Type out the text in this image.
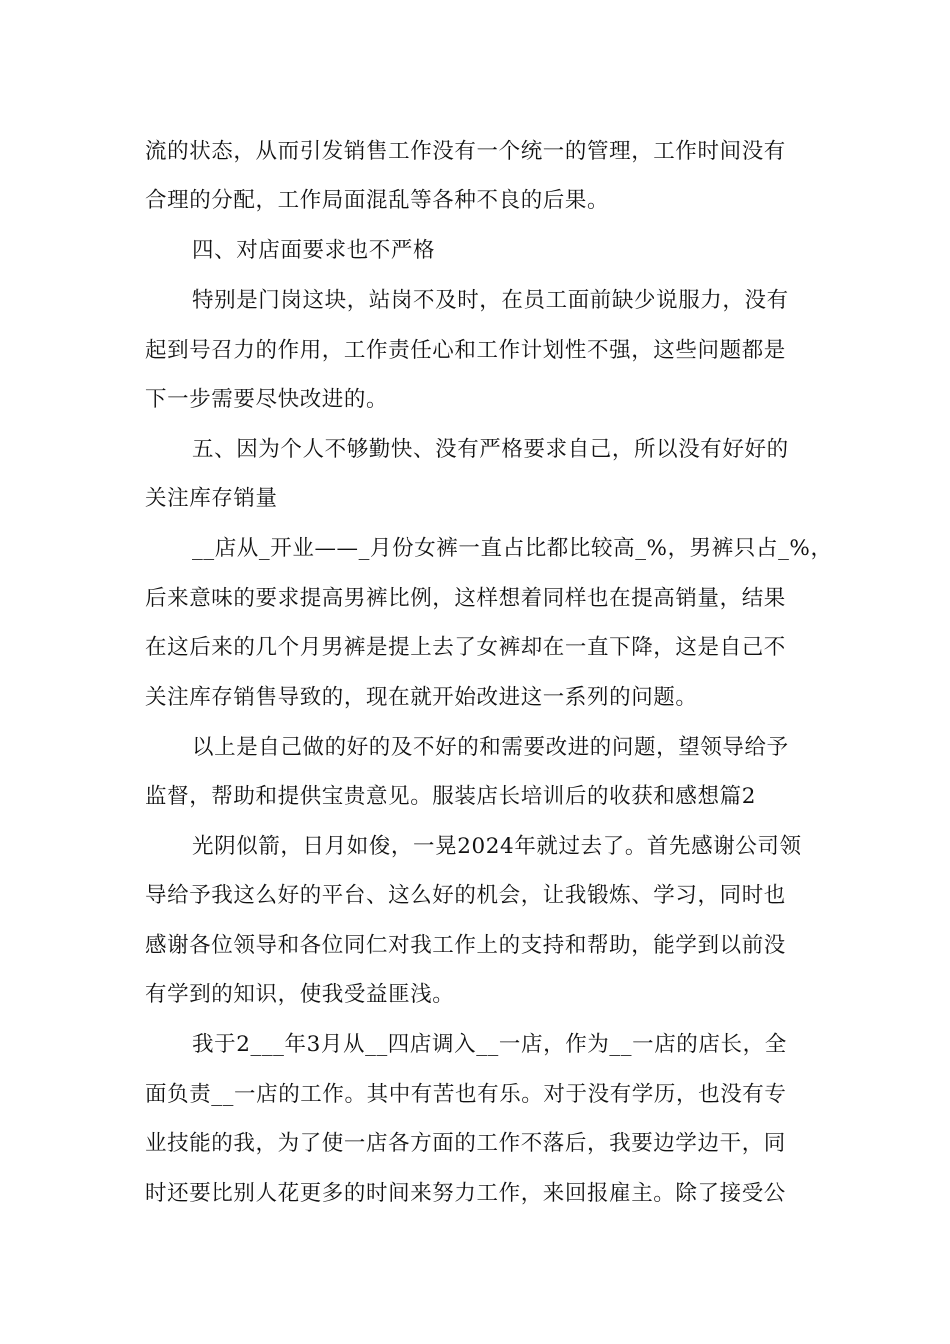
流的状态，从而引发销售工作没有一个统一的管理，工作时间没有
合理的分配，工作局面混乱等各种不良的后果。
四、对店面要求也不严格
特别是门岗这块，站岗不及时，在员工面前缺少说服力，没有
起到号召力的作用，工作责任心和工作计划性不强，这些问题都是
下一步需要尽快改进的。
五、因为个人不够勤快、没有严格要求自己，所以没有好好的
关注库存销量
__店从_开业——_月份女裤一直占比都比较高_%，男裤只占_%，
后来意味的要求提高男裤比例，这样想着同样也在提高销量，结果
在这后来的几个月男裤是提上去了女裤却在一直下降，这是自己不
关注库存销售导致的，现在就开始改进这一系列的问题。
以上是自己做的好的及不好的和需要改进的问题，望领导给予
监督，帮助和提供宝贵意见。服装店长培训后的收获和感想篇2
光阴似箭，日月如俊，一晃2024年就过去了。首先感谢公司领
导给予我这么好的平台、这么好的机会，让我锻炼、学习，同时也
感谢各位领导和各位同仁对我工作上的支持和帮助，能学到以前没
有学到的知识，使我受益匪浅。
我于2___年3月从__四店调入__一店，作为__一店的店长，全
面负责__一店的工作。其中有苦也有乐。对于没有学历，也没有专
业技能的我，为了使一店各方面的工作不落后，我要边学边干，同
时还要比别人花更多的时间来努力工作，来回报雇主。除了接受公
